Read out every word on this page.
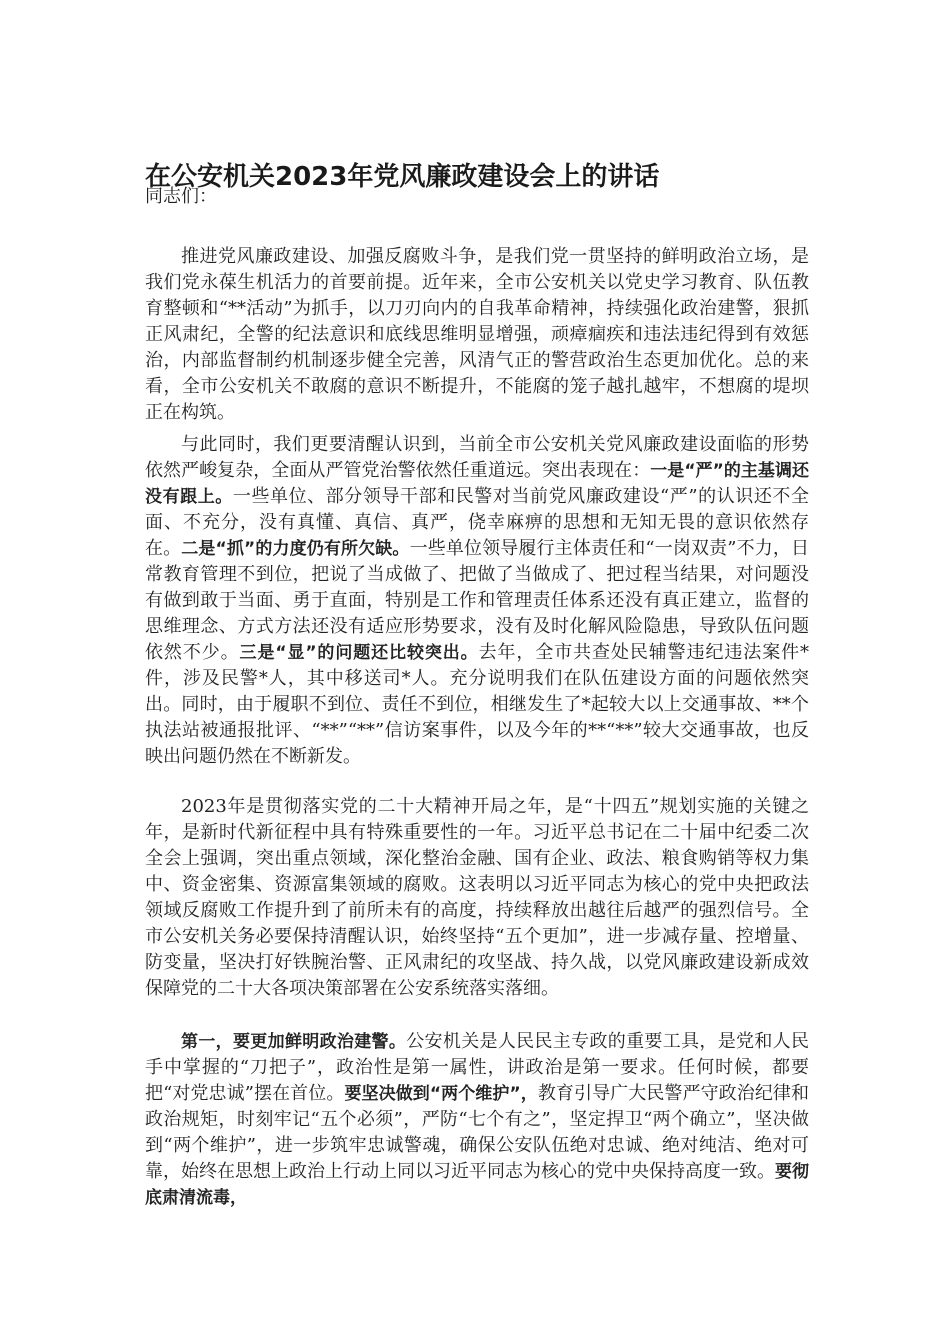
在公安机关2023年党风廉政建设会上的讲话

同志们：

推进党风廉政建设、加强反腐败斗争，是我们党一贯坚持的鲜明政治立场，是我们党永葆生机活力的首要前提。近年来，全市公安机关以党史学习教育、队伍教育整顿和“**活动”为抓手，以刀刃向内的自我革命精神，持续强化政治建警，狠抓正风肃纪，全警的纪法意识和底线思维明显增强，顽瘴痼疾和违法违纪得到有效惩治，内部监督制约机制逐步健全完善，风清气正的警营政治生态更加优化。总的来看，全市公安机关不敢腐的意识不断提升，不能腐的笼子越扎越牢，不想腐的堤坝正在构筑。

与此同时，我们更要清醒认识到，当前全市公安机关党风廉政建设面临的形势依然严峻复杂，全面从严管党治警依然任重道远。突出表现在：一是“严”的主基调还没有跟上。一些单位、部分领导干部和民警对当前党风廉政建设“严”的认识还不全面、不充分，没有真懂、真信、真严，侥幸麻痹的思想和无知无畏的意识依然存在。二是“抓”的力度仍有所欠缺。一些单位领导履行主体责任和“一岗双责”不力，日常教育管理不到位，把说了当成做了、把做了当做成了、把过程当结果，对问题没有做到敢于当面、勇于直面，特别是工作和管理责任体系还没有真正建立，监督的思维理念、方式方法还没有适应形势要求，没有及时化解风险隐患，导致队伍问题依然不少。三是“显”的问题还比较突出。去年，全市共查处民辅警违纪违法案件*件，涉及民警*人，其中移送司*人。充分说明我们在队伍建设方面的问题依然突出。同时，由于履职不到位、责任不到位，相继发生了*起较大以上交通事故、**个执法站被通报批评、“**”“**”信访案事件，以及今年的**“**”较大交通事故，也反映出问题仍然在不断新发。

2023年是贯彻落实党的二十大精神开局之年，是“十四五”规划实施的关键之年，是新时代新征程中具有特殊重要性的一年。习近平总书记在二十届中纪委二次全会上强调，突出重点领域，深化整治金融、国有企业、政法、粮食购销等权力集中、资金密集、资源富集领域的腐败。这表明以习近平同志为核心的党中央把政法领域反腐败工作提升到了前所未有的高度，持续释放出越往后越严的强烈信号。全市公安机关务必要保持清醒认识，始终坚持“五个更加”，进一步减存量、控增量、防变量，坚决打好铁腕治警、正风肃纪的攻坚战、持久战，以党风廉政建设新成效保障党的二十大各项决策部署在公安系统落实落细。

第一，要更加鲜明政治建警。公安机关是人民民主专政的重要工具，是党和人民手中掌握的“刀把子”，政治性是第一属性，讲政治是第一要求。任何时候，都要把“对党忠诚”摆在首位。要坚决做到“两个维护”，教育引导广大民警严守政治纪律和政治规矩，时刻牢记“五个必须”，严防“七个有之”，坚定捍卫“两个确立”，坚决做到“两个维护”，进一步筑牢忠诚警魂，确保公安队伍绝对忠诚、绝对纯洁、绝对可靠，始终在思想上政治上行动上同以习近平同志为核心的党中央保持高度一致。要彻底肃清流毒，
